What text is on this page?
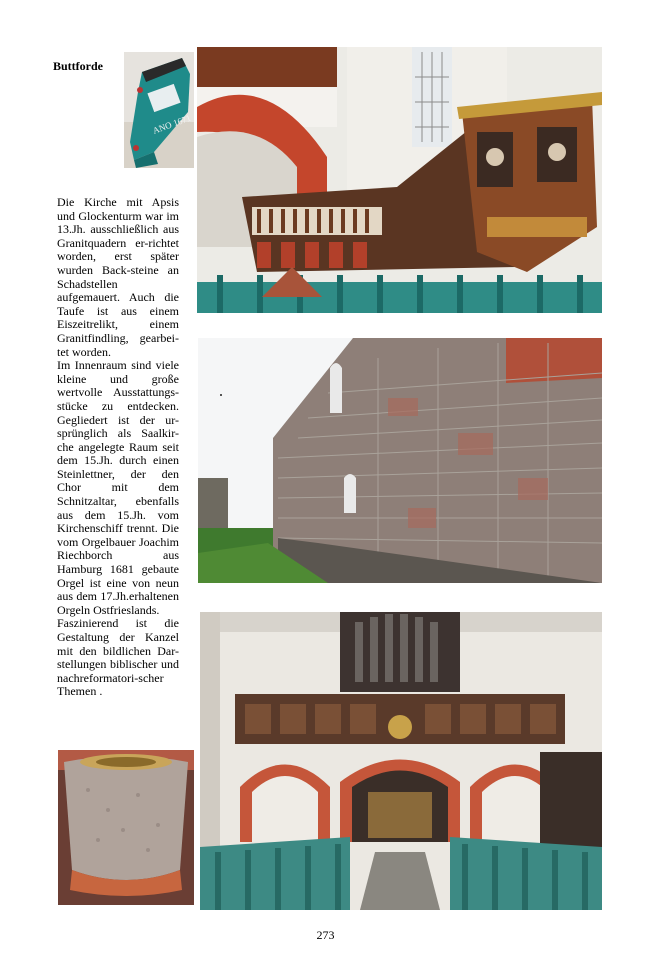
Buttforde
ANO 1671

Die Kirche mit Apsis und Glockenturm war im 13.Jh. ausschließlich aus Granitquadern er-richtet worden, erst später wurden Back-steine an Schadstellen aufgemauert. Auch die Taufe ist aus einem Eiszeitrelikt, einem Granitfindling, gearbei-tet worden.

Im Innenraum sind viele kleine und große wertvolle Ausstattungs-stücke zu entdecken. Gegliedert ist der ur-sprünglich als Saalkir-che angelegte Raum seit dem 15.Jh. durch einen Steinlettner, der den Chor mit dem Schnitzaltar, ebenfalls aus dem 15.Jh. vom Kirchenschiff trennt. Die vom Orgelbauer Joachim Riechborch aus Hamburg 1681 gebaute Orgel ist eine von neun aus dem 17.Jh.erhaltenen Orgeln Ostfrieslands.

Faszinierend ist die Gestaltung der Kanzel mit den bildlichen Dar-stellungen biblischer und nachreformatori-scher Themen .

273
